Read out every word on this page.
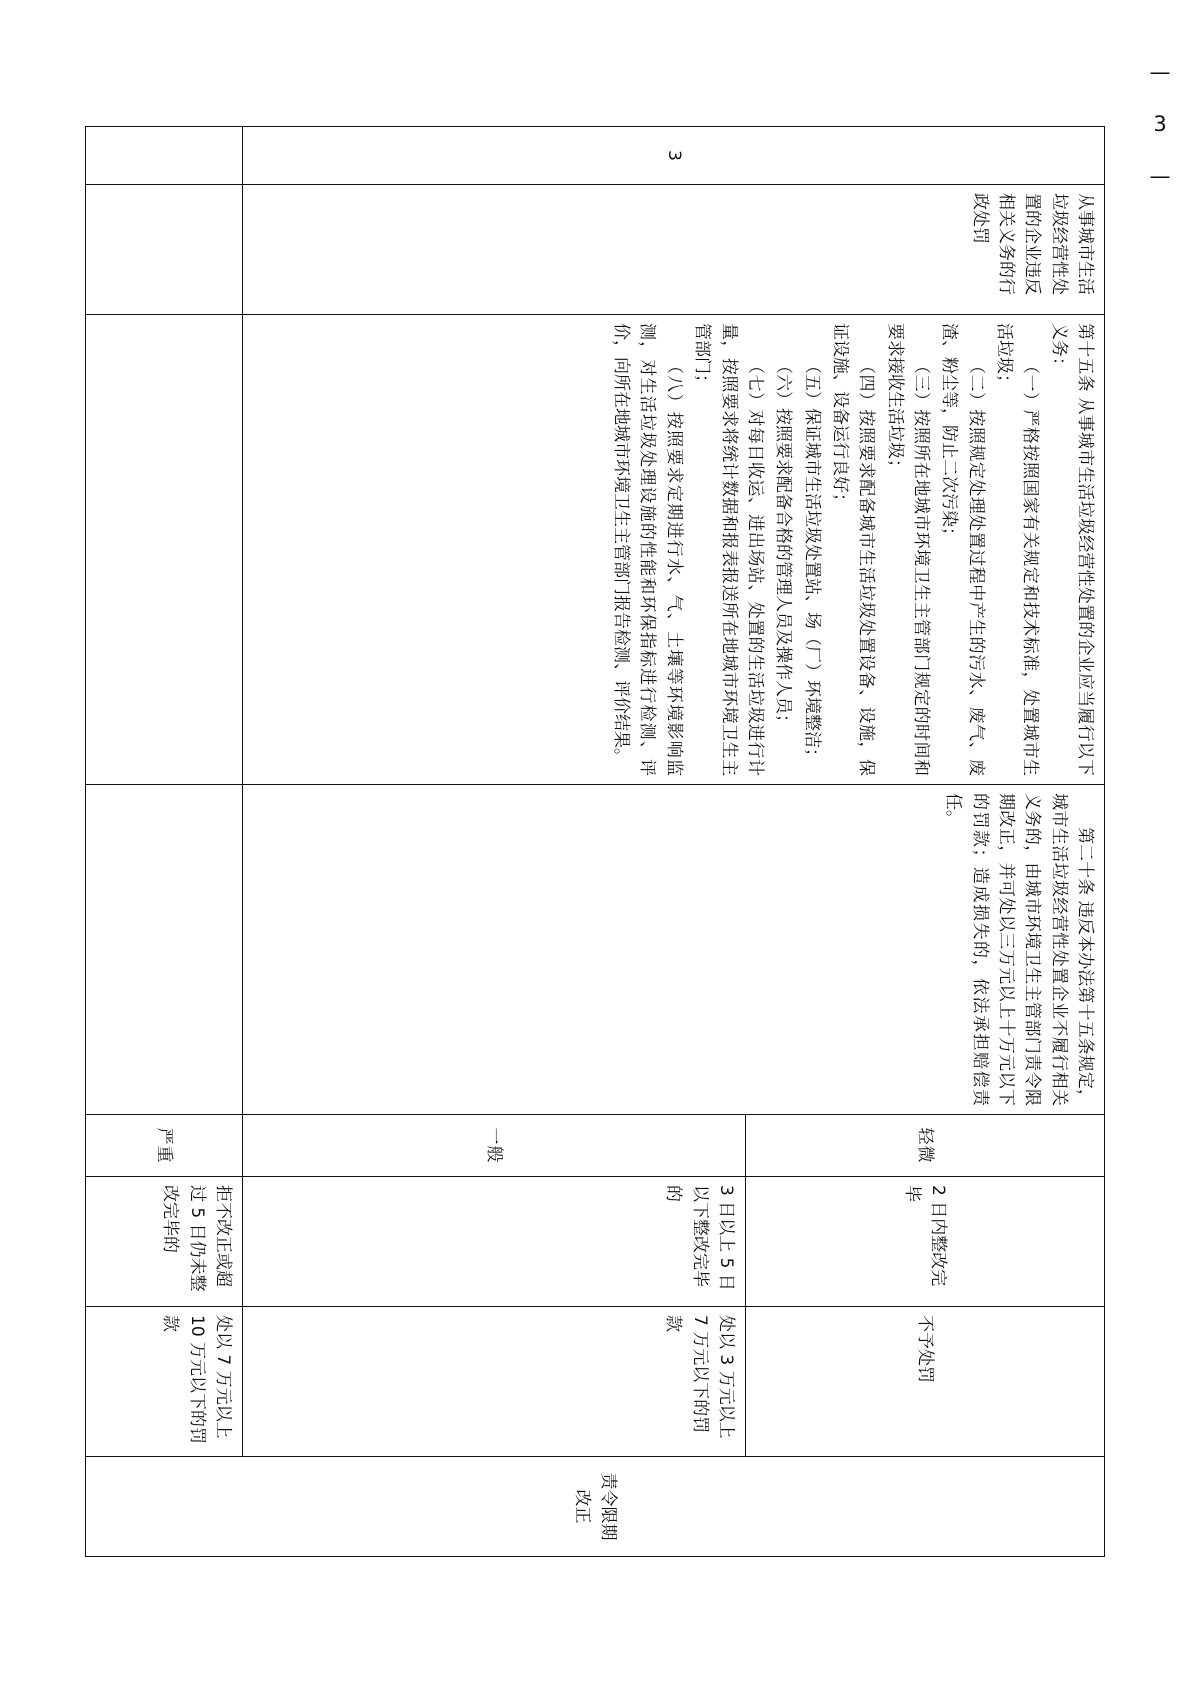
— 3 —
3	从事城市生活垃圾经营性处置的企业违反相关义务的行政处罚	

第十五条 从事城市生活垃圾经营性处置的企业应当履行以下义务：

（一）严格按照国家有关规定和技术标准，处置城市生活垃圾；

（二）按照规定处理处置过程中产生的污水、废气、废渣、粉尘等，防止二次污染；

（三）按照所在地城市环境卫生主管部门规定的时间和要求接收生活垃圾；

（四）按照要求配备城市生活垃圾处置设备、设施，保证设施、设备运行良好；

（五）保证城市生活垃圾处置站、场（厂）环境整洁；

（六）按照要求配备合格的管理人员及操作人员；

（七）对每日收运、进出场站、处置的生活垃圾进行计量，按照要求将统计数据和报表报送所在地城市环境卫生主管部门；

（八）按照要求定期进行水、气、土壤等环境影响监测，对生活垃圾处理设施的性能和环保指标进行检测、评价，向所在地城市环境卫生主管部门报告检测、评价结果。

第二十条 违反本办法第十五条规定，城市生活垃圾经营性处置企业不履行相关义务的，由城市环境卫生主管部门责令限期改正，并可处以三万元以上十万元以下的罚款；造成损失的，依法承担赔偿责任。

	轻微	2 日内整改完毕	不予处罚	责令限期改正
				一般	3 日以上 5 日以下整改完毕的	处以 3 万元以上 7 万元以下的罚款	
				严重	拒不改正或超过 5 日仍未整改完毕的	处以 7 万元以上 10 万元以下的罚款	
